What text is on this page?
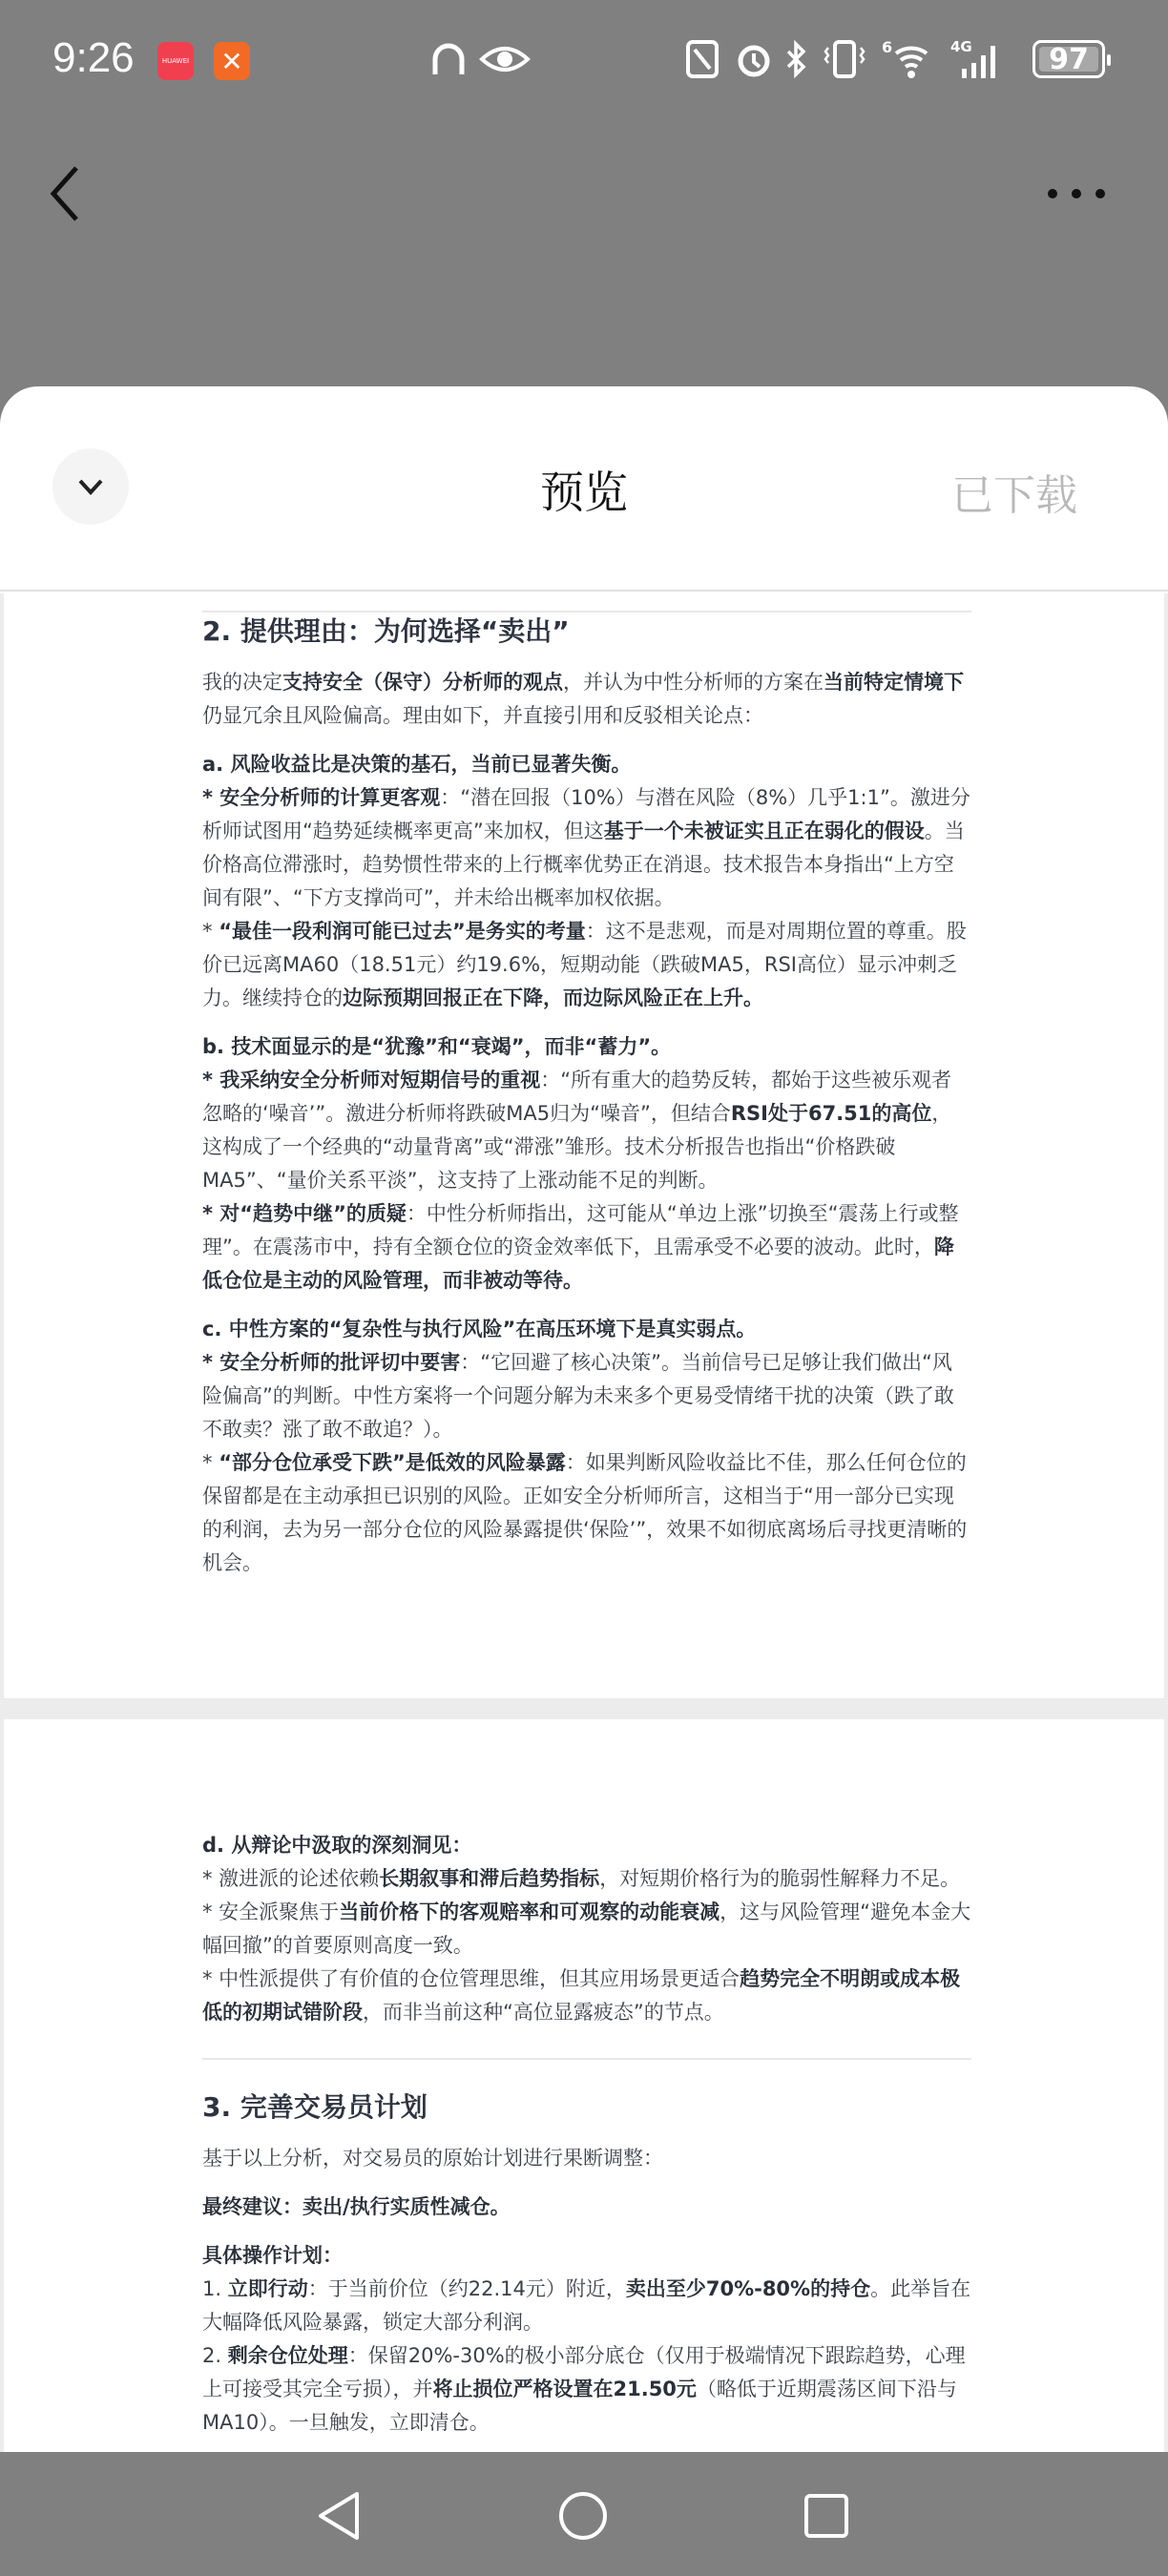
9:26	HUAWEI ✕	6	4G	97
预览	已下载
2. 提供理由：为何选择“卖出”

我的决定支持安全（保守）分析师的观点，并认为中性分析师的方案在当前特定情境下仍显冗余且风险偏高。理由如下，并直接引用和反驳相关论点：

a. 风险收益比是决策的基石，当前已显著失衡。

* 安全分析师的计算更客观：“潜在回报（10%）与潜在风险（8%）几乎1:1”。激进分析师试图用“趋势延续概率更高”来加权，但这基于一个未被证实且正在弱化的假设。当价格高位滞涨时，趋势惯性带来的上行概率优势正在消退。技术报告本身指出“上方空间有限”、“下方支撑尚可”，并未给出概率加权依据。

* “最佳一段利润可能已过去”是务实的考量：这不是悲观，而是对周期位置的尊重。股价已远离MA60（18.51元）约19.6%，短期动能（跌破MA5，RSI高位）显示冲刺乏力。继续持仓的边际预期回报正在下降，而边际风险正在上升。

b. 技术面显示的是“犹豫”和“衰竭”，而非“蓄力”。

* 我采纳安全分析师对短期信号的重视：“所有重大的趋势反转，都始于这些被乐观者忽略的‘噪音’”。激进分析师将跌破MA5归为“噪音”，但结合RSI处于67.51的高位，这构成了一个经典的“动量背离”或“滞涨”雏形。技术分析报告也指出“价格跌破MA5”、“量价关系平淡”，这支持了上涨动能不足的判断。

* 对“趋势中继”的质疑：中性分析师指出，这可能从“单边上涨”切换至“震荡上行或整理”。在震荡市中，持有全额仓位的资金效率低下，且需承受不必要的波动。此时，降低仓位是主动的风险管理，而非被动等待。

c. 中性方案的“复杂性与执行风险”在高压环境下是真实弱点。

* 安全分析师的批评切中要害：“它回避了核心决策”。当前信号已足够让我们做出“风险偏高”的判断。中性方案将一个问题分解为未来多个更易受情绪干扰的决策（跌了敢不敢卖？涨了敢不敢追？）。

* “部分仓位承受下跌”是低效的风险暴露：如果判断风险收益比不佳，那么任何仓位的保留都是在主动承担已识别的风险。正如安全分析师所言，这相当于“用一部分已实现的利润，去为另一部分仓位的风险暴露提供‘保险’”，效果不如彻底离场后寻找更清晰的机会。

d. 从辩论中汲取的深刻洞见：

* 激进派的论述依赖长期叙事和滞后趋势指标，对短期价格行为的脆弱性解释力不足。

* 安全派聚焦于当前价格下的客观赔率和可观察的动能衰减，这与风险管理“避免本金大幅回撤”的首要原则高度一致。

* 中性派提供了有价值的仓位管理思维，但其应用场景更适合趋势完全不明朗或成本极低的初期试错阶段，而非当前这种“高位显露疲态”的节点。

3. 完善交易员计划

基于以上分析，对交易员的原始计划进行果断调整：

最终建议：卖出/执行实质性减仓。

具体操作计划：

1. 立即行动：于当前价位（约22.14元）附近，卖出至少70%-80%的持仓。此举旨在大幅降低风险暴露，锁定大部分利润。

2. 剩余仓位处理：保留20%-30%的极小部分底仓（仅用于极端情况下跟踪趋势，心理上可接受其完全亏损），并将止损位严格设置在21.50元（略低于近期震荡区间下沿与MA10）。一旦触发，立即清仓。
